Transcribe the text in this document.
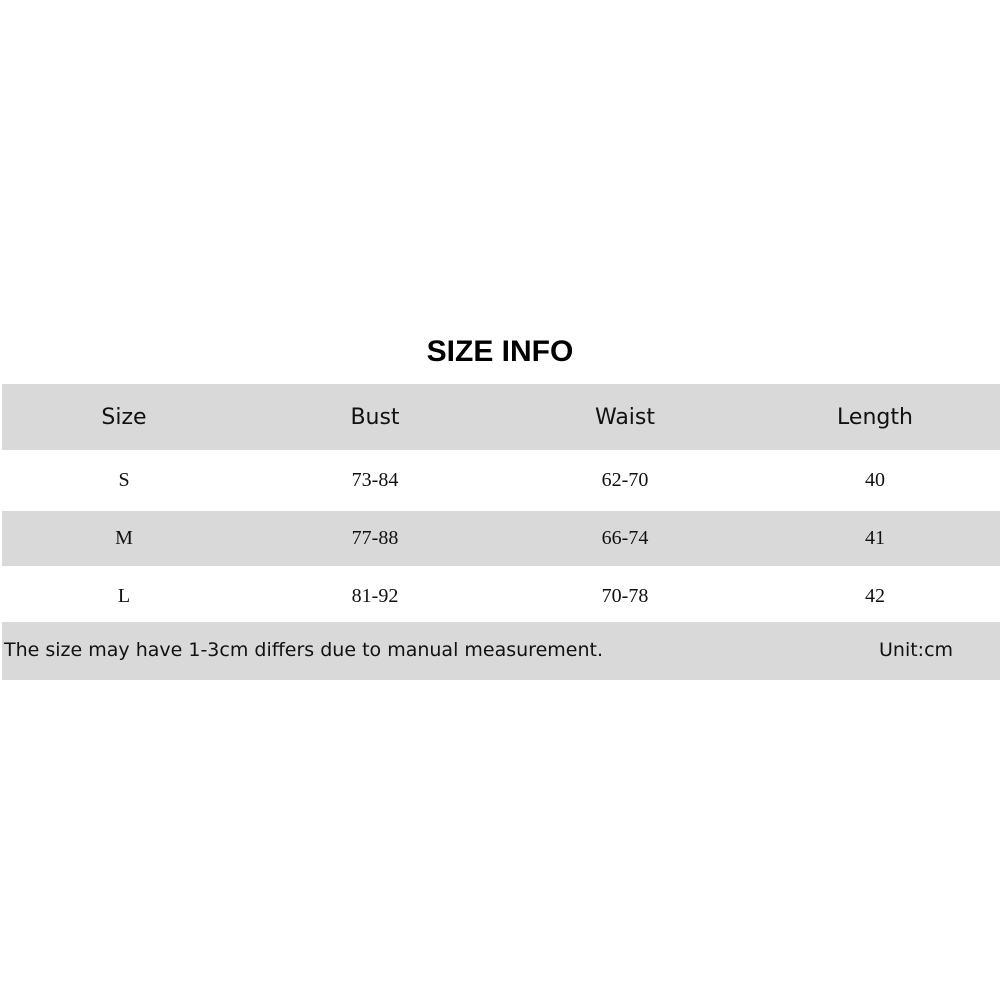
SIZE INFO
Size	Bust	Waist	Length
S	73-84	62-70	40
M	77-88	66-74	41
L	81-92	70-78	42
The size may have 1-3cm differs due to manual measurement.	Unit:cm
